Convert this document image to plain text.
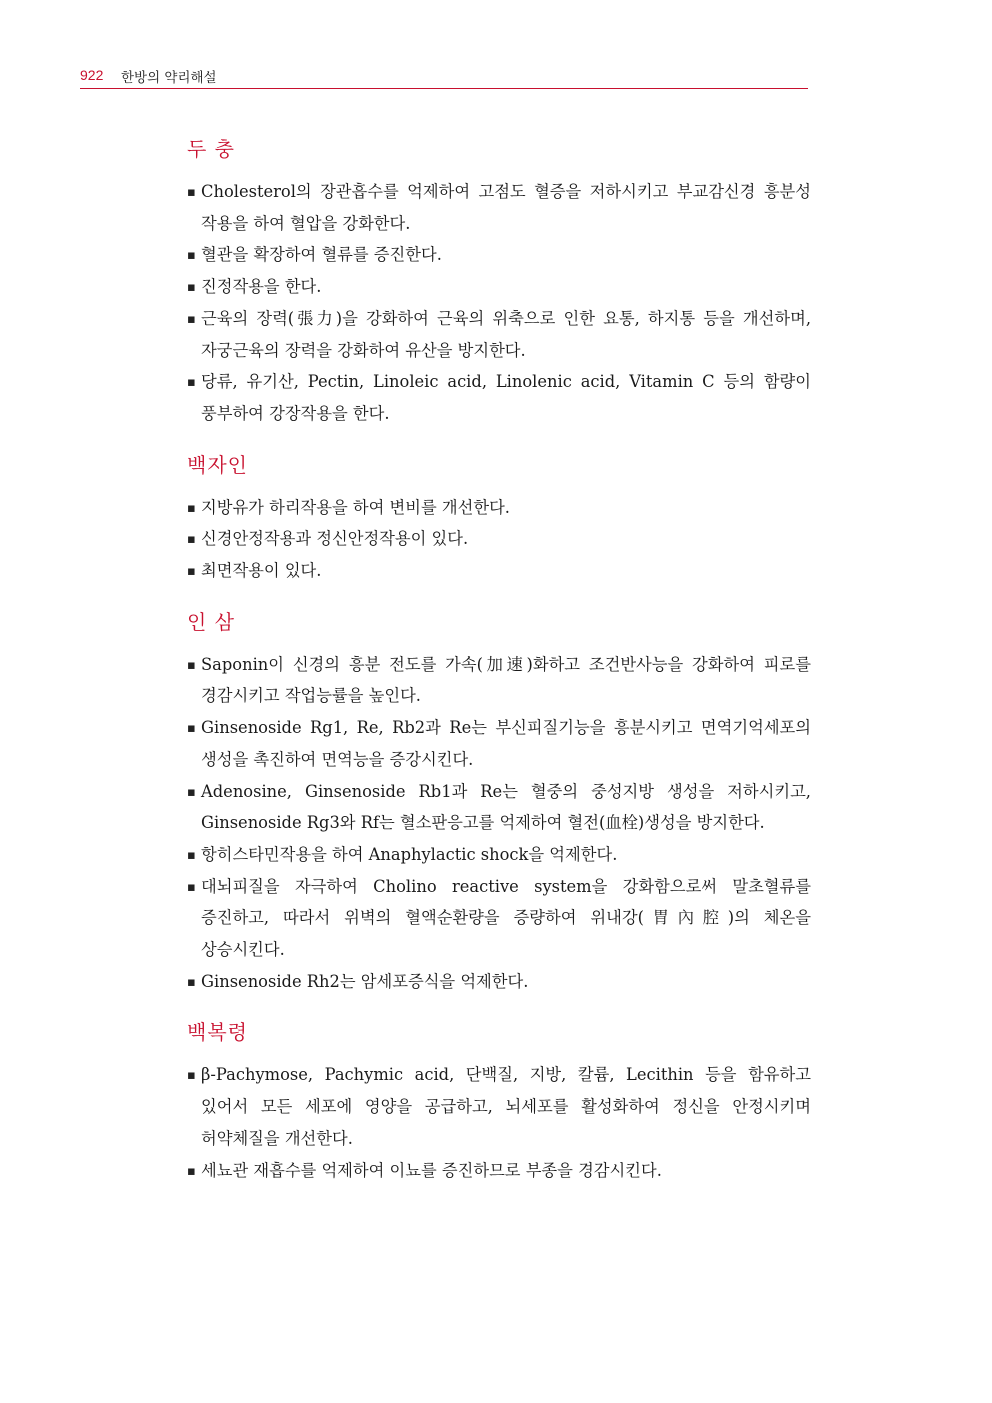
922 한방의 약리해설
두 충
▪ Cholesterol의 장관흡수를 억제하여 고점도 혈증을 저하시키고 부교감신경 흥분성 작용을 하여 혈압을 강화한다.
▪ 혈관을 확장하여 혈류를 증진한다.
▪ 진정작용을 한다.
▪ 근육의 장력(張力)을 강화하여 근육의 위축으로 인한 요통, 하지통 등을 개선하며, 자궁근육의 장력을 강화하여 유산을 방지한다.
▪ 당류, 유기산, Pectin, Linoleic acid, Linolenic acid, Vitamin C 등의 함량이 풍부하여 강장작용을 한다.
백자인
▪ 지방유가 하리작용을 하여 변비를 개선한다.
▪ 신경안정작용과 정신안정작용이 있다.
▪ 최면작용이 있다.
인 삼
▪ Saponin이 신경의 흥분 전도를 가속(加速)화하고 조건반사능을 강화하여 피로를 경감시키고 작업능률을 높인다.
▪ Ginsenoside Rg1, Re, Rb2과 Re는 부신피질기능을 흥분시키고 면역기억세포의 생성을 촉진하여 면역능을 증강시킨다.
▪ Adenosine, Ginsenoside Rb1과 Re는 혈중의 중성지방 생성을 저하시키고, Ginsenoside Rg3와 Rf는 혈소판응고를 억제하여 혈전(血栓)생성을 방지한다.
▪ 항히스타민작용을 하여 Anaphylactic shock을 억제한다.
▪ 대뇌피질을 자극하여 Cholino reactive system을 강화함으로써 말초혈류를 증진하고, 따라서 위벽의 혈액순환량을 증량하여 위내강(胃內腔)의 체온을 상승시킨다.
▪ Ginsenoside Rh2는 암세포증식을 억제한다.
백복령
▪ β-Pachymose, Pachymic acid, 단백질, 지방, 칼륨, Lecithin 등을 함유하고 있어서 모든 세포에 영양을 공급하고, 뇌세포를 활성화하여 정신을 안정시키며 허약체질을 개선한다.
▪ 세뇨관 재흡수를 억제하여 이뇨를 증진하므로 부종을 경감시킨다.
